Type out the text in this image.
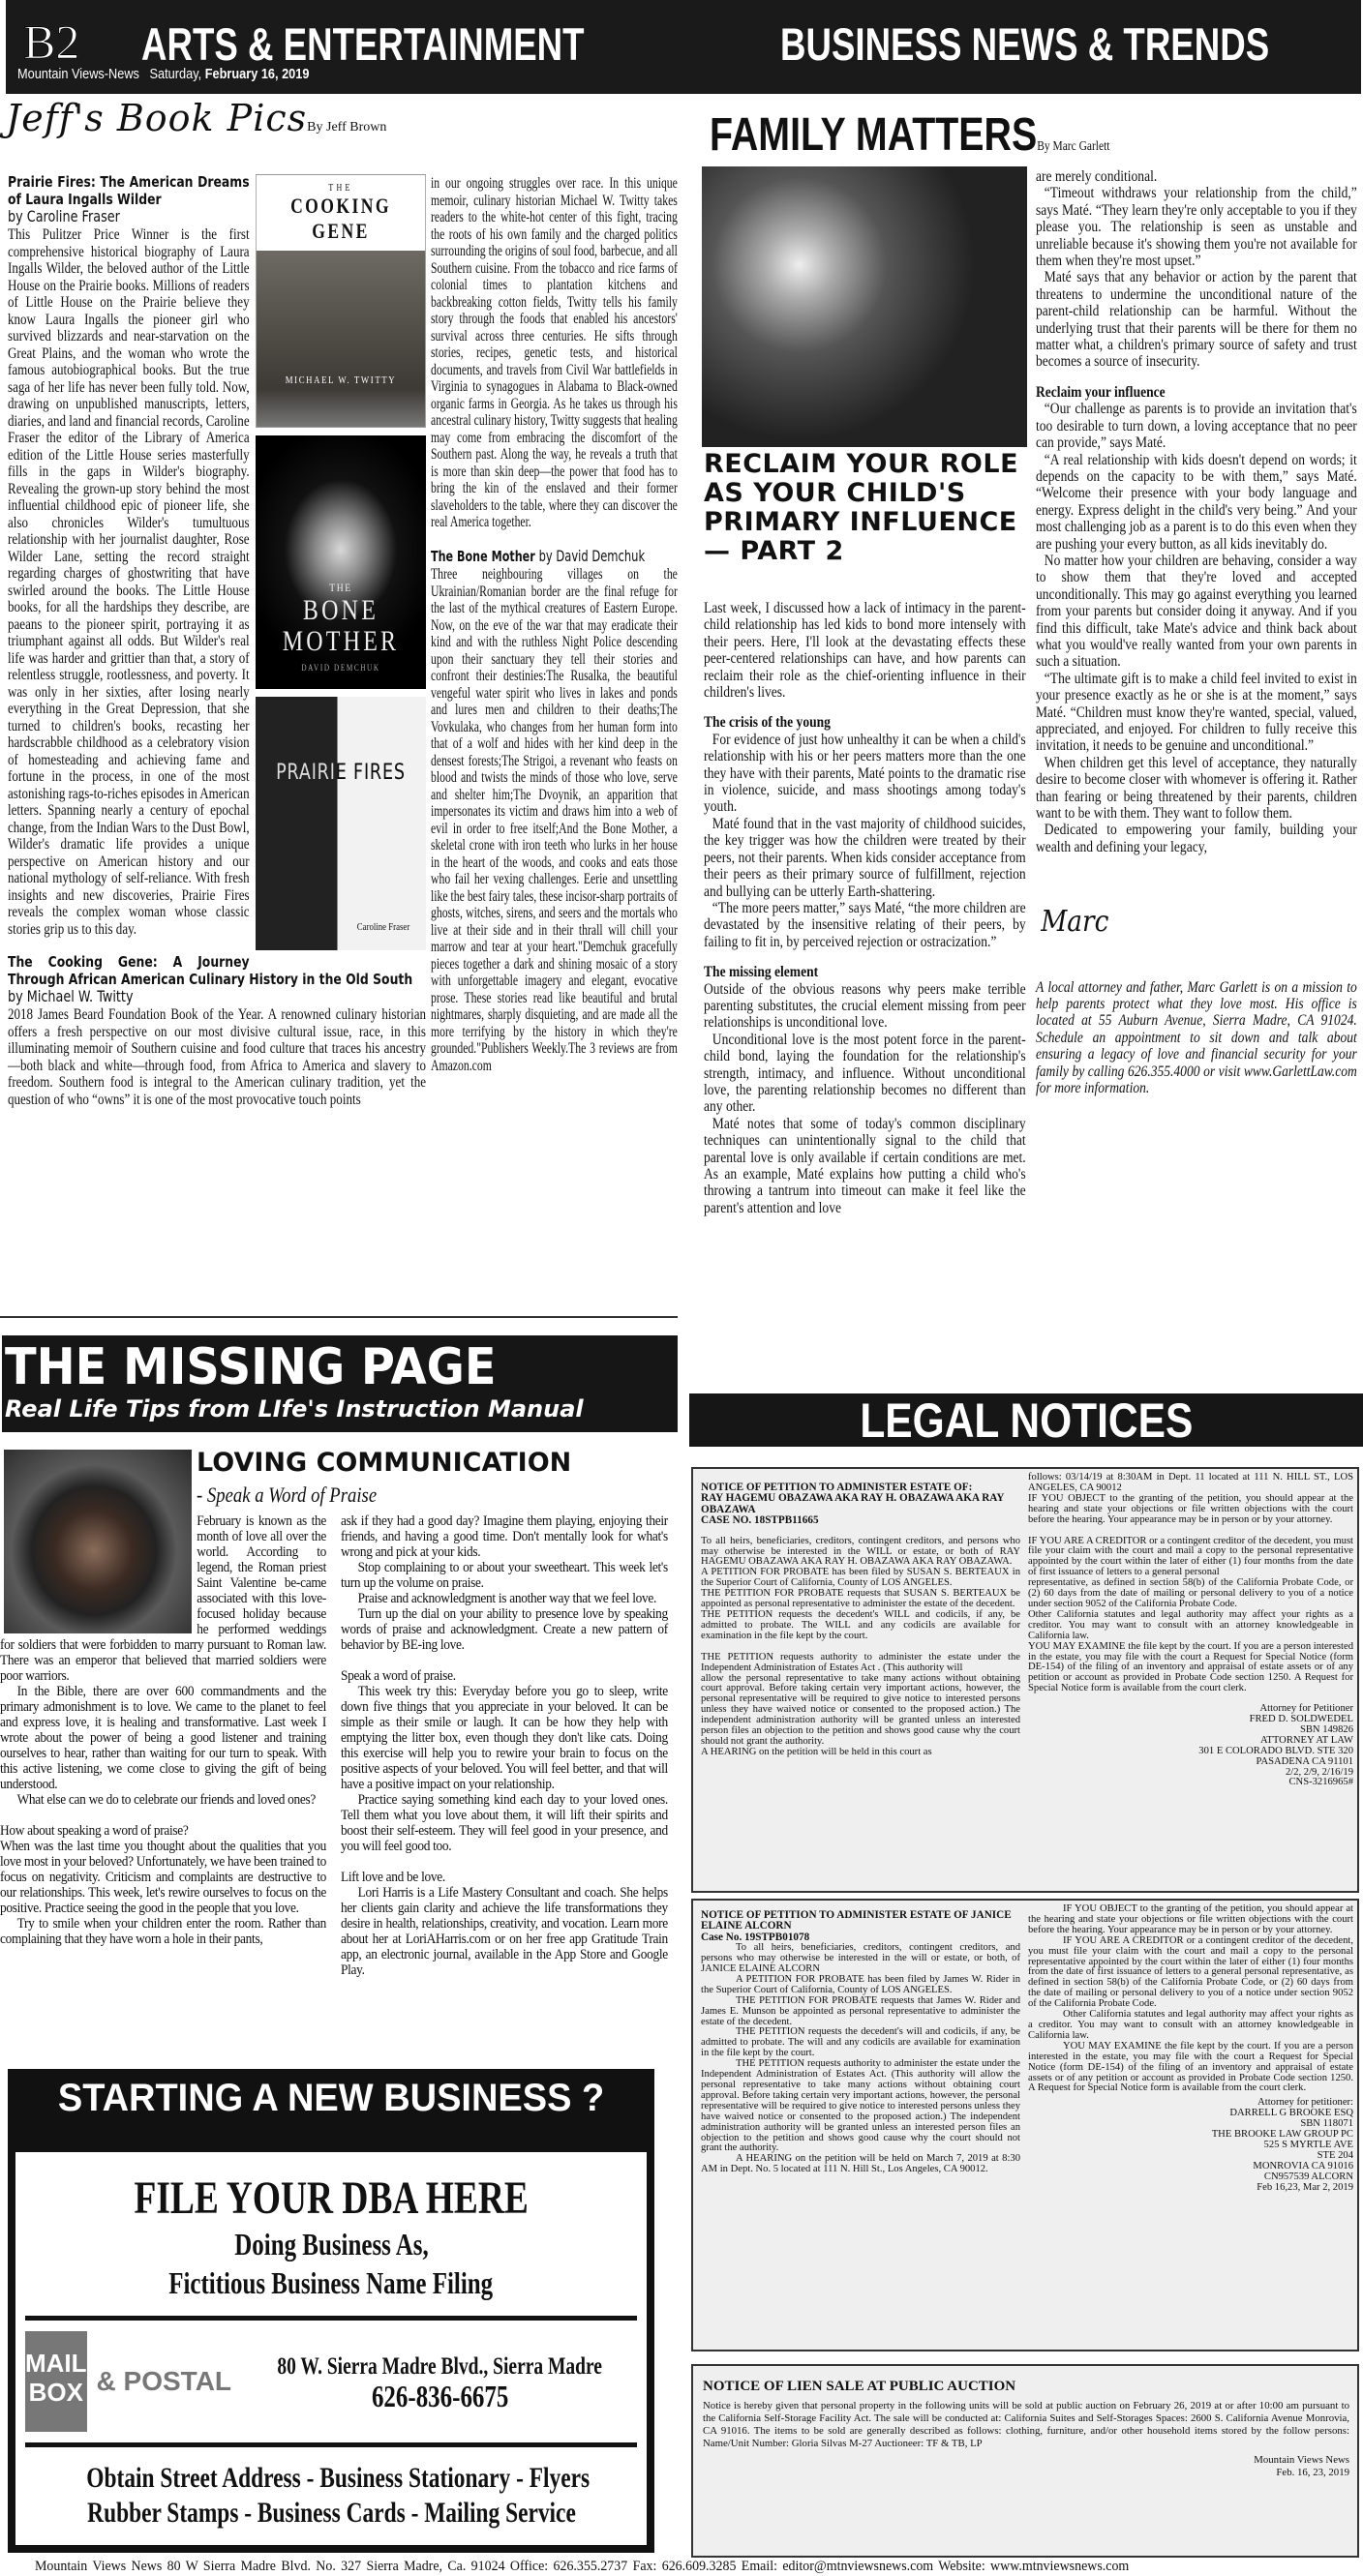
B2 ARTS & ENTERTAINMENT	BUSINESS NEWS & TRENDS
Mountain Views-News Saturday, February 16, 2019
Jeff's Book PicsBy Jeff Brown
THE
COOKING GENE
MICHAEL W. TWITTY
THE
BONE MOTHER
DAVID DEMCHUK
PRAIRIE FIRES
Caroline Fraser
Prairie Fires: The American Dreams of Laura Ingalls Wilder
by Caroline Fraser

This Pulitzer Price Winner is the first comprehensive historical biography of Laura Ingalls Wilder, the beloved author of the Little House on the Prairie books. Millions of readers of Little House on the Prairie believe they know Laura Ingalls the pioneer girl who survived blizzards and near-starvation on the Great Plains, and the woman who wrote the famous autobiographical books. But the true saga of her life has never been fully told. Now, drawing on unpublished manuscripts, letters, diaries, and land and financial records, Caroline Fraser the editor of the Library of America edition of the Little House series masterfully fills in the gaps in Wilder's biography. Revealing the grown-up story behind the most influential childhood epic of pioneer life, she also chronicles Wilder's tumultuous relationship with her journalist daughter, Rose Wilder Lane, setting the record straight regarding charges of ghostwriting that have swirled around the books. The Little House books, for all the hardships they describe, are paeans to the pioneer spirit, portraying it as triumphant against all odds. But Wilder's real life was harder and grittier than that, a story of relentless struggle, rootlessness, and poverty. It was only in her sixties, after losing nearly everything in the Great Depression, that she turned to children's books, recasting her hardscrabble childhood as a celebratory vision of homesteading and achieving fame and fortune in the process, in one of the most astonishing rags-to-riches episodes in American letters. Spanning nearly a century of epochal change, from the Indian Wars to the Dust Bowl, Wilder's dramatic life provides a unique perspective on American history and our national mythology of self-reliance. With fresh insights and new discoveries, Prairie Fires reveals the complex woman whose classic stories grip us to this day.

The Cooking Gene: A Journey Through African American Culinary History in the Old South
by Michael W. Twitty

2018 James Beard Foundation Book of the Year. A renowned culinary historian offers a fresh perspective on our most divisive cultural issue, race, in this illuminating memoir of Southern cuisine and food culture that traces his ancestry—both black and white—through food, from Africa to America and slavery to freedom. Southern food is integral to the American culinary tradition, yet the question of who “owns” it is one of the most provocative touch points

in our ongoing struggles over race. In this unique memoir, culinary historian Michael W. Twitty takes readers to the white-hot center of this fight, tracing the roots of his own family and the charged politics surrounding the origins of soul food, barbecue, and all Southern cuisine. From the tobacco and rice farms of colonial times to plantation kitchens and backbreaking cotton fields, Twitty tells his family story through the foods that enabled his ancestors' survival across three centuries. He sifts through stories, recipes, genetic tests, and historical documents, and travels from Civil War battlefields in Virginia to synagogues in Alabama to Black-owned organic farms in Georgia. As he takes us through his ancestral culinary history, Twitty suggests that healing may come from embracing the discomfort of the Southern past. Along the way, he reveals a truth that is more than skin deep—the power that food has to bring the kin of the enslaved and their former slaveholders to the table, where they can discover the real America together.

The Bone Mother by David Demchuk

Three neighbouring villages on the Ukrainian/Romanian border are the final refuge for the last of the mythical creatures of Eastern Europe. Now, on the eve of the war that may eradicate their kind and with the ruthless Night Police descending upon their sanctuary they tell their stories and confront their destinies:The Rusalka, the beautiful vengeful water spirit who lives in lakes and ponds and lures men and children to their deaths;The Vovkulaka, who changes from her human form into that of a wolf and hides with her kind deep in the densest forests;The Strigoi, a revenant who feasts on blood and twists the minds of those who love, serve and shelter him;The Dvoynik, an apparition that impersonates its victim and draws him into a web of evil in order to free itself;And the Bone Mother, a skeletal crone with iron teeth who lurks in her house in the heart of the woods, and cooks and eats those who fail her vexing challenges. Eerie and unsettling like the best fairy tales, these incisor-sharp portraits of ghosts, witches, sirens, and seers and the mortals who live at their side and in their thrall will chill your marrow and tear at your heart."Demchuk gracefully pieces together a dark and shining mosaic of a story with unforgettable imagery and elegant, evocative prose. These stories read like beautiful and brutal nightmares, sharply disquieting, and are made all the more terrifying by the history in which they're grounded."Publishers Weekly.The 3 reviews are from Amazon.com

FAMILY MATTERSBy Marc Garlett
RECLAIM YOUR ROLE AS YOUR CHILD'S PRIMARY INFLUENCE— PART 2

Last week, I discussed how a lack of intimacy in the parent-child relationship has led kids to bond more intensely with their peers. Here, I'll look at the devastating effects these peer-centered relationships can have, and how parents can reclaim their role as the chief-orienting influence in their children's lives.

The crisis of the young

For evidence of just how unhealthy it can be when a child's relationship with his or her peers matters more than the one they have with their parents, Maté points to the dramatic rise in violence, suicide, and mass shootings among today's youth.

Maté found that in the vast majority of childhood suicides, the key trigger was how the children were treated by their peers, not their parents. When kids consider acceptance from their peers as their primary source of fulfillment, rejection and bullying can be utterly Earth-shattering.

“The more peers matter,” says Maté, “the more children are devastated by the insensitive relating of their peers, by failing to fit in, by perceived rejection or ostracization.”

The missing element

Outside of the obvious reasons why peers make terrible parenting substitutes, the crucial element missing from peer relationships is unconditional love.

Unconditional love is the most potent force in the parent-child bond, laying the foundation for the relationship's strength, intimacy, and influence. Without unconditional love, the parenting relationship becomes no different than any other.

Maté notes that some of today's common disciplinary techniques can unintentionally signal to the child that parental love is only available if certain conditions are met. As an example, Maté explains how putting a child who's throwing a tantrum into timeout can make it feel like the parent's attention and love

are merely conditional.

“Timeout withdraws your relationship from the child,” says Maté. “They learn they're only acceptable to you if they please you. The relationship is seen as unstable and unreliable because it's showing them you're not available for them when they're most upset.”

Maté says that any behavior or action by the parent that threatens to undermine the unconditional nature of the parent-child relationship can be harmful. Without the underlying trust that their parents will be there for them no matter what, a children's primary source of safety and trust becomes a source of insecurity.

Reclaim your influence

“Our challenge as parents is to provide an invitation that's too desirable to turn down, a loving acceptance that no peer can provide,” says Maté.

“A real relationship with kids doesn't depend on words; it depends on the capacity to be with them,” says Maté. “Welcome their presence with your body language and energy. Express delight in the child's very being.” And your most challenging job as a parent is to do this even when they are pushing your every button, as all kids inevitably do.

No matter how your children are behaving, consider a way to show them that they're loved and accepted unconditionally. This may go against everything you learned from your parents but consider doing it anyway. And if you find this difficult, take Mate's advice and think back about what you would've really wanted from your own parents in such a situation.

“The ultimate gift is to make a child feel invited to exist in your presence exactly as he or she is at the moment,” says Maté. “Children must know they're wanted, special, valued, appreciated, and enjoyed. For children to fully receive this invitation, it needs to be genuine and unconditional.”

When children get this level of acceptance, they naturally desire to become closer with whomever is offering it. Rather than fearing or being threatened by their parents, children want to be with them. They want to follow them.

Dedicated to empowering your family, building your wealth and defining your legacy,

Marc

A local attorney and father, Marc Garlett is on a mission to help parents protect what they love most. His office is located at 55 Auburn Avenue, Sierra Madre, CA 91024. Schedule an appointment to sit down and talk about ensuring a legacy of love and financial security for your family by calling 626.355.4000 or visit www.GarlettLaw.com for more information.

THE MISSING PAGE
Real Life Tips from LIfe's Instruction Manual
LOVING COMMUNICATION
- Speak a Word of Praise

February is known as the month of love all over the world. According to legend, the Roman priest Saint Valentine be-came associated with this love-focused holiday because he performed weddings for soldiers that were forbidden to marry pursuant to Roman law. There was an emperor that believed that married soldiers were poor warriors.

In the Bible, there are over 600 commandments and the primary admonishment is to love. We came to the planet to feel and express love, it is healing and transformative. Last week I wrote about the power of being a good listener and training ourselves to hear, rather than waiting for our turn to speak. With this active listening, we come close to giving the gift of being understood.

What else can we do to celebrate our friends and loved ones?

How about speaking a word of praise?

When was the last time you thought about the qualities that you love most in your beloved? Unfortunately, we have been trained to focus on negativity. Criticism and complaints are destructive to our relationships. This week, let's rewire ourselves to focus on the positive. Practice seeing the good in the people that you love.

Try to smile when your children enter the room. Rather than complaining that they have worn a hole in their pants,

ask if they had a good day? Imagine them playing, enjoying their friends, and having a good time. Don't mentally look for what's wrong and pick at your kids.

Stop complaining to or about your sweetheart. This week let's turn up the volume on praise.

Praise and acknowledgment is another way that we feel love.

Turn up the dial on your ability to presence love by speaking words of praise and acknowledgment. Create a new pattern of behavior by BE-ing love.

Speak a word of praise.

This week try this: Everyday before you go to sleep, write down five things that you appreciate in your beloved. It can be simple as their smile or laugh. It can be how they help with emptying the litter box, even though they don't like cats. Doing this exercise will help you to rewire your brain to focus on the positive aspects of your beloved. You will feel better, and that will have a positive impact on your relationship.

Practice saying something kind each day to your loved ones. Tell them what you love about them, it will lift their spirits and boost their self-esteem. They will feel good in your presence, and you will feel good too.

Lift love and be love.

Lori Harris is a Life Mastery Consultant and coach. She helps her clients gain clarity and achieve the life transformations they desire in health, relationships, creativity, and vocation. Learn more about her at LoriAHarris.com or on her free app Gratitude Train app, an electronic journal, available in the App Store and Google Play.

STARTING A NEW BUSINESS ?
FILE YOUR DBA HERE
Doing Business As,
Fictitious Business Name Filing
MAIL
BOX & POSTAL	80 W. Sierra Madre Blvd., Sierra Madre
626-836-6675
Obtain Street Address - Business Stationary - Flyers
Rubber Stamps - Business Cards - Mailing Service
LEGAL NOTICES

NOTICE OF PETITION TO ADMINISTER ESTATE OF:

RAY HAGEMU OBAZAWA AKA RAY H. OBAZAWA AKA RAY OBAZAWA

CASE NO. 18STPB11665

To all heirs, beneficiaries, creditors, contingent creditors, and persons who may otherwise be interested in the WILL or estate, or both of RAY HAGEMU OBAZAWA AKA RAY H. OBAZAWA AKA RAY OBAZAWA.

A PETITION FOR PROBATE has been filed by SUSAN S. BERTEAUX in the Superior Court of California, County of LOS ANGELES.

THE PETITION FOR PROBATE requests that SUSAN S. BERTEAUX be appointed as personal representative to administer the estate of the decedent.

THE PETITION requests the decedent's WILL and codicils, if any, be admitted to probate. The WILL and any codicils are available for examination in the file kept by the court.

THE PETITION requests authority to administer the estate under the Independent Administration of Estates Act . (This authority will

allow the personal representative to take many actions without obtaining court approval. Before taking certain very important actions, however, the personal representative will be required to give notice to interested persons unless they have waived notice or consented to the proposed action.) The independent administration authority will be granted unless an interested person files an objection to the petition and shows good cause why the court should not grant the authority.

A HEARING on the petition will be held in this court as

follows: 03/14/19 at 8:30AM in Dept. 11 located at 111 N. HILL ST., LOS ANGELES, CA 90012

IF YOU OBJECT to the granting of the petition, you should appear at the hearing and state your objections or file written objections with the court before the hearing. Your appearance may be in person or by your attorney.

IF YOU ARE A CREDITOR or a contingent creditor of the decedent, you must file your claim with the court and mail a copy to the personal representative appointed by the court within the later of either (1) four months from the date of first issuance of letters to a general personal

representative, as defined in section 58(b) of the California Probate Code, or (2) 60 days from the date of mailing or personal delivery to you of a notice under section 9052 of the California Probate Code.

Other California statutes and legal authority may affect your rights as a creditor. You may want to consult with an attorney knowledgeable in California law.

YOU MAY EXAMINE the file kept by the court. If you are a person interested in the estate, you may file with the court a Request for Special Notice (form DE-154) of the filing of an inventory and appraisal of estate assets or of any petition or account as provided in Probate Code section 1250. A Request for Special Notice form is available from the court clerk.

Attorney for Petitioner

FRED D. SOLDWEDEL

SBN 149826

ATTORNEY AT LAW

301 E COLORADO BLVD. STE 320

PASADENA CA 91101

2/2, 2/9, 2/16/19

CNS-3216965#

NOTICE OF PETITION TO ADMINISTER ESTATE OF JANICE ELAINE ALCORN

Case No. 19STPB01078

To all heirs, beneficiaries, creditors, contingent creditors, and persons who may otherwise be interested in the will or estate, or both, of JANICE ELAINE ALCORN

A PETITION FOR PROBATE has been filed by James W. Rider in the Superior Court of California, County of LOS ANGELES.

THE PETITION FOR PROBATE requests that James W. Rider and James E. Munson be appointed as personal representative to administer the estate of the decedent.

THE PETITION requests the decedent's will and codicils, if any, be admitted to probate. The will and any codicils are available for examination in the file kept by the court.

THE PETITION requests authority to administer the estate under the Independent Administration of Estates Act. (This authority will allow the personal representative to take many actions without obtaining court approval. Before taking certain very important actions, however, the personal representative will be required to give notice to interested persons unless they have waived notice or consented to the proposed action.) The independent administration authority will be granted unless an interested person files an objection to the petition and shows good cause why the court should not grant the authority.

A HEARING on the petition will be held on March 7, 2019 at 8:30 AM in Dept. No. 5 located at 111 N. Hill St., Los Angeles, CA 90012.

IF YOU OBJECT to the granting of the petition, you should appear at the hearing and state your objections or file written objections with the court before the hearing. Your appearance may be in person or by your attorney.

IF YOU ARE A CREDITOR or a contingent creditor of the decedent, you must file your claim with the court and mail a copy to the personal representative appointed by the court within the later of either (1) four months from the date of first issuance of letters to a general personal representative, as defined in section 58(b) of the California Probate Code, or (2) 60 days from the date of mailing or personal delivery to you of a notice under section 9052 of the California Probate Code.

Other California statutes and legal authority may affect your rights as a creditor. You may want to consult with an attorney knowledgeable in California law.

YOU MAY EXAMINE the file kept by the court. If you are a person interested in the estate, you may file with the court a Request for Special Notice (form DE-154) of the filing of an inventory and appraisal of estate assets or of any petition or account as provided in Probate Code section 1250. A Request for Special Notice form is available from the court clerk.

Attorney for petitioner:

DARRELL G BROOKE ESQ

SBN 118071

THE BROOKE LAW GROUP PC

525 S MYRTLE AVE

STE 204

MONROVIA CA 91016

CN957539 ALCORN

Feb 16,23, Mar 2, 2019

NOTICE OF LIEN SALE AT PUBLIC AUCTION

Notice is hereby given that personal property in the following units will be sold at public auction on February 26, 2019 at or after 10:00 am pursuant to the California Self-Storage Facility Act. The sale will be conducted at: California Suites and Self-Storages Spaces: 2600 S. California Avenue Monrovia, CA 91016. The items to be sold are generally described as follows: clothing, furniture, and/or other household items stored by the follow persons: Name/Unit Number: Gloria Silvas M-27 Auctioneer: TF & TB, LP

Mountain Views News

Feb. 16, 23, 2019

Mountain Views News 80 W Sierra Madre Blvd. No. 327 Sierra Madre, Ca. 91024 Office: 626.355.2737 Fax: 626.609.3285 Email: editor@mtnviewsnews.com Website: www.mtnviewsnews.com
